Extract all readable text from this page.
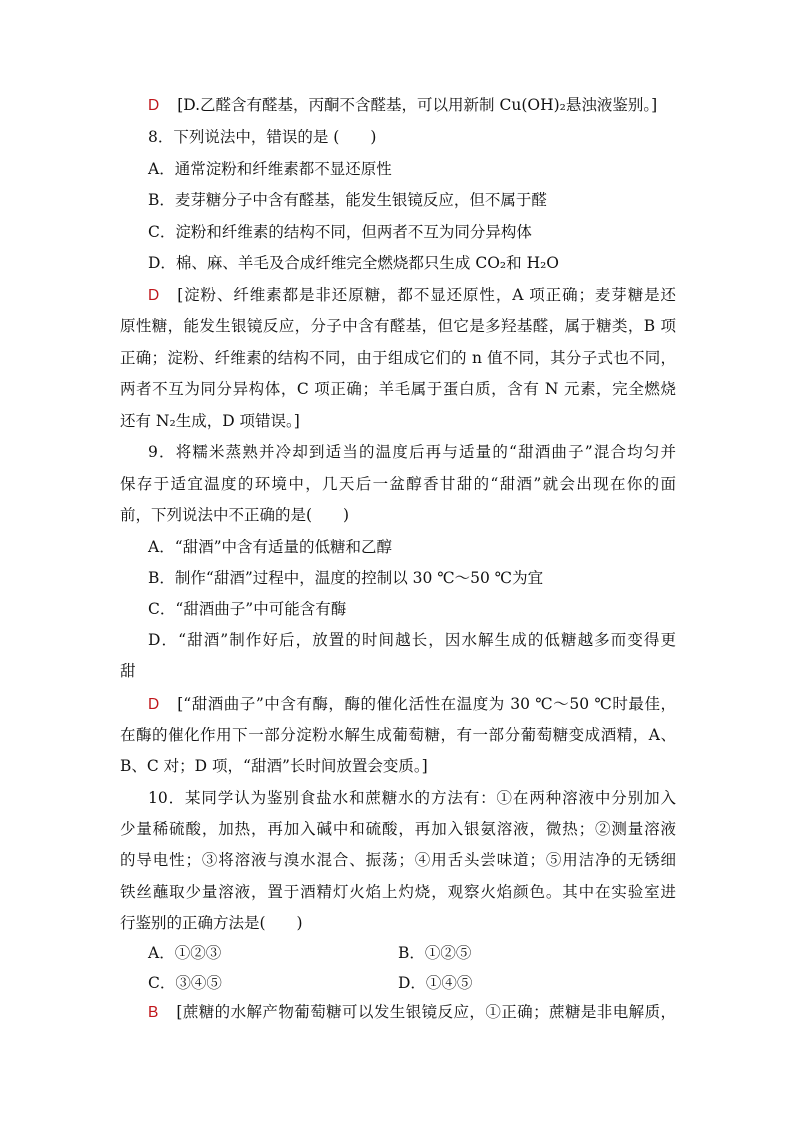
D [D.乙醛含有醛基，丙酮不含醛基，可以用新制 Cu(OH)₂悬浊液鉴别。]
8．下列说法中，错误的是 (　　)
A．通常淀粉和纤维素都不显还原性
B．麦芽糖分子中含有醛基，能发生银镜反应，但不属于醛
C．淀粉和纤维素的结构不同，但两者不互为同分异构体
D．棉、麻、羊毛及合成纤维完全燃烧都只生成 CO₂和 H₂O
D [淀粉、纤维素都是非还原糖，都不显还原性，A 项正确；麦芽糖是还
原性糖，能发生银镜反应，分子中含有醛基，但它是多羟基醛，属于糖类，B 项
正确；淀粉、纤维素的结构不同，由于组成它们的 n 值不同，其分子式也不同，
两者不互为同分异构体，C 项正确；羊毛属于蛋白质，含有 N 元素，完全燃烧
还有 N₂生成，D 项错误。]
9．将糯米蒸熟并冷却到适当的温度后再与适量的“甜酒曲子”混合均匀并
保存于适宜温度的环境中，几天后一盆醇香甘甜的“甜酒”就会出现在你的面
前，下列说法中不正确的是(　　)
A．“甜酒”中含有适量的低糖和乙醇
B．制作“甜酒”过程中，温度的控制以 30 ℃～50 ℃为宜
C．“甜酒曲子”中可能含有酶
D．“甜酒”制作好后，放置的时间越长，因水解生成的低糖越多而变得更
甜
D [“甜酒曲子”中含有酶，酶的催化活性在温度为 30 ℃～50 ℃时最佳，
在酶的催化作用下一部分淀粉水解生成葡萄糖，有一部分葡萄糖变成酒精，A、
B、C 对；D 项，“甜酒”长时间放置会变质。]
10．某同学认为鉴别食盐水和蔗糖水的方法有：①在两种溶液中分别加入
少量稀硫酸，加热，再加入碱中和硫酸，再加入银氨溶液，微热；②测量溶液
的导电性；③将溶液与溴水混合、振荡；④用舌头尝味道；⑤用洁净的无锈细
铁丝蘸取少量溶液，置于酒精灯火焰上灼烧，观察火焰颜色。其中在实验室进
行鉴别的正确方法是(　　)
A．①②③	B．①②⑤
C．③④⑤	D．①④⑤
B [蔗糖的水解产物葡萄糖可以发生银镜反应，①正确；蔗糖是非电解质，
